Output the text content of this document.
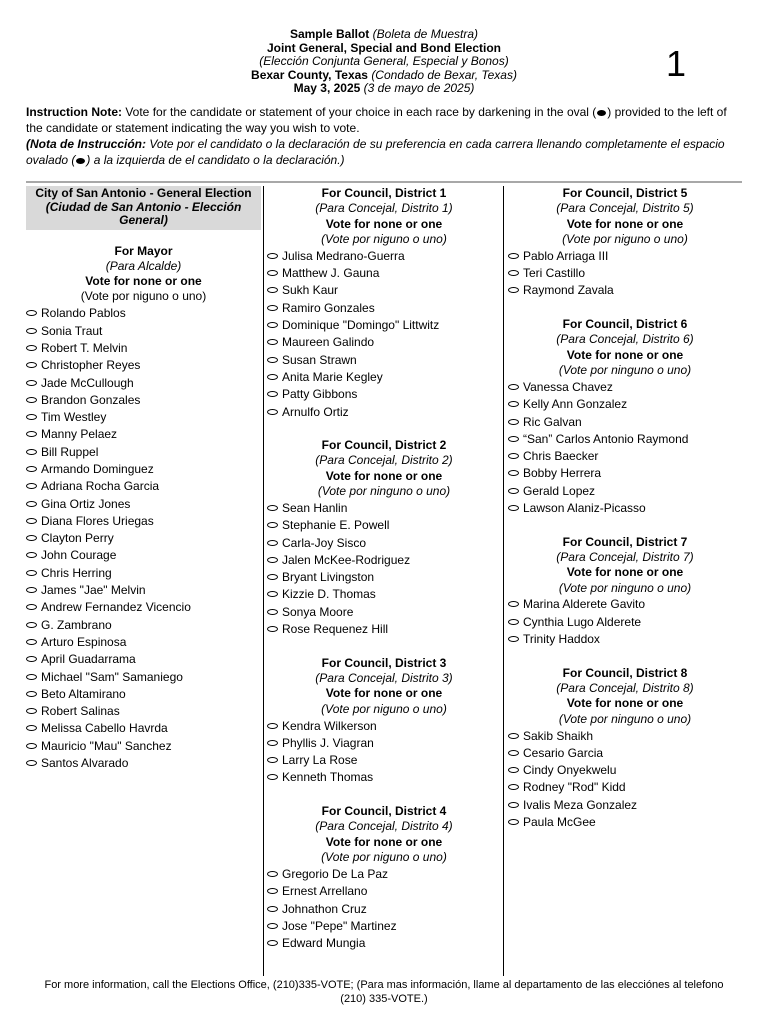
Sample Ballot (Boleta de Muestra)
Joint General, Special and Bond Election
(Elección Conjunta General, Especial y Bonos)
Bexar County, Texas (Condado de Bexar, Texas)
May 3, 2025 (3 de mayo de 2025)
1
Instruction Note: Vote for the candidate or statement of your choice in each race by darkening in the oval ( ) provided to the left of the candidate or statement indicating the way you wish to vote.
(Nota de Instrucción: Vote por el candidato o la declaración de su preferencia en cada carrera llenando completamente el espacio ovalado ( ) a la izquierda de el candidato o la declaración.)
City of San Antonio - General Election
(Ciudad de San Antonio - Elección General)
For Mayor
(Para Alcalde)
Vote for none or one
(Vote por niguno o uno)
Rolando Pablos
Sonia Traut
Robert T. Melvin
Christopher Reyes
Jade McCullough
Brandon Gonzales
Tim Westley
Manny Pelaez
Bill Ruppel
Armando Dominguez
Adriana Rocha Garcia
Gina Ortiz Jones
Diana Flores Uriegas
Clayton Perry
John Courage
Chris Herring
James "Jae" Melvin
Andrew Fernandez Vicencio
G. Zambrano
Arturo Espinosa
April Guadarrama
Michael "Sam" Samaniego
Beto Altamirano
Robert Salinas
Melissa Cabello Havrda
Mauricio "Mau" Sanchez
Santos Alvarado
For Council, District 1
(Para Concejal, Distrito 1)
Vote for none or one
(Vote por niguno o uno)
Julisa Medrano-Guerra
Matthew J. Gauna
Sukh Kaur
Ramiro Gonzales
Dominique "Domingo" Littwitz
Maureen Galindo
Susan Strawn
Anita Marie Kegley
Patty Gibbons
Arnulfo Ortiz
For Council, District 2
(Para Concejal, Distrito 2)
Vote for none or one
(Vote por ninguno o uno)
Sean Hanlin
Stephanie E. Powell
Carla-Joy Sisco
Jalen McKee-Rodriguez
Bryant Livingston
Kizzie D. Thomas
Sonya Moore
Rose Requenez Hill
For Council, District 3
(Para Concejal, Distrito 3)
Vote for none or one
(Vote por niguno o uno)
Kendra Wilkerson
Phyllis J. Viagran
Larry La Rose
Kenneth Thomas
For Council, District 4
(Para Concejal, Distrito 4)
Vote for none or one
(Vote por niguno o uno)
Gregorio De La Paz
Ernest Arrellano
Johnathon Cruz
Jose "Pepe" Martinez
Edward Mungia
For Council, District 5
(Para Concejal, Distrito 5)
Vote for none or one
(Vote por niguno o uno)
Pablo Arriaga III
Teri Castillo
Raymond Zavala
For Council, District 6
(Para Concejal, Distrito 6)
Vote for none or one
(Vote por ninguno o uno)
Vanessa Chavez
Kelly Ann Gonzalez
Ric Galvan
“San” Carlos Antonio Raymond
Chris Baecker
Bobby Herrera
Gerald Lopez
Lawson Alaniz-Picasso
For Council, District 7
(Para Concejal, Distrito 7)
Vote for none or one
(Vote por ninguno o uno)
Marina Alderete Gavito
Cynthia Lugo Alderete
Trinity Haddox
For Council, District 8
(Para Concejal, Distrito 8)
Vote for none or one
(Vote por ninguno o uno)
Sakib Shaikh
Cesario Garcia
Cindy Onyekwelu
Rodney "Rod" Kidd
Ivalis Meza Gonzalez
Paula McGee
For more information, call the Elections Office, (210)335-VOTE; (Para mas información, llame al departamento de las elecciónes al telefono
(210) 335-VOTE.)
